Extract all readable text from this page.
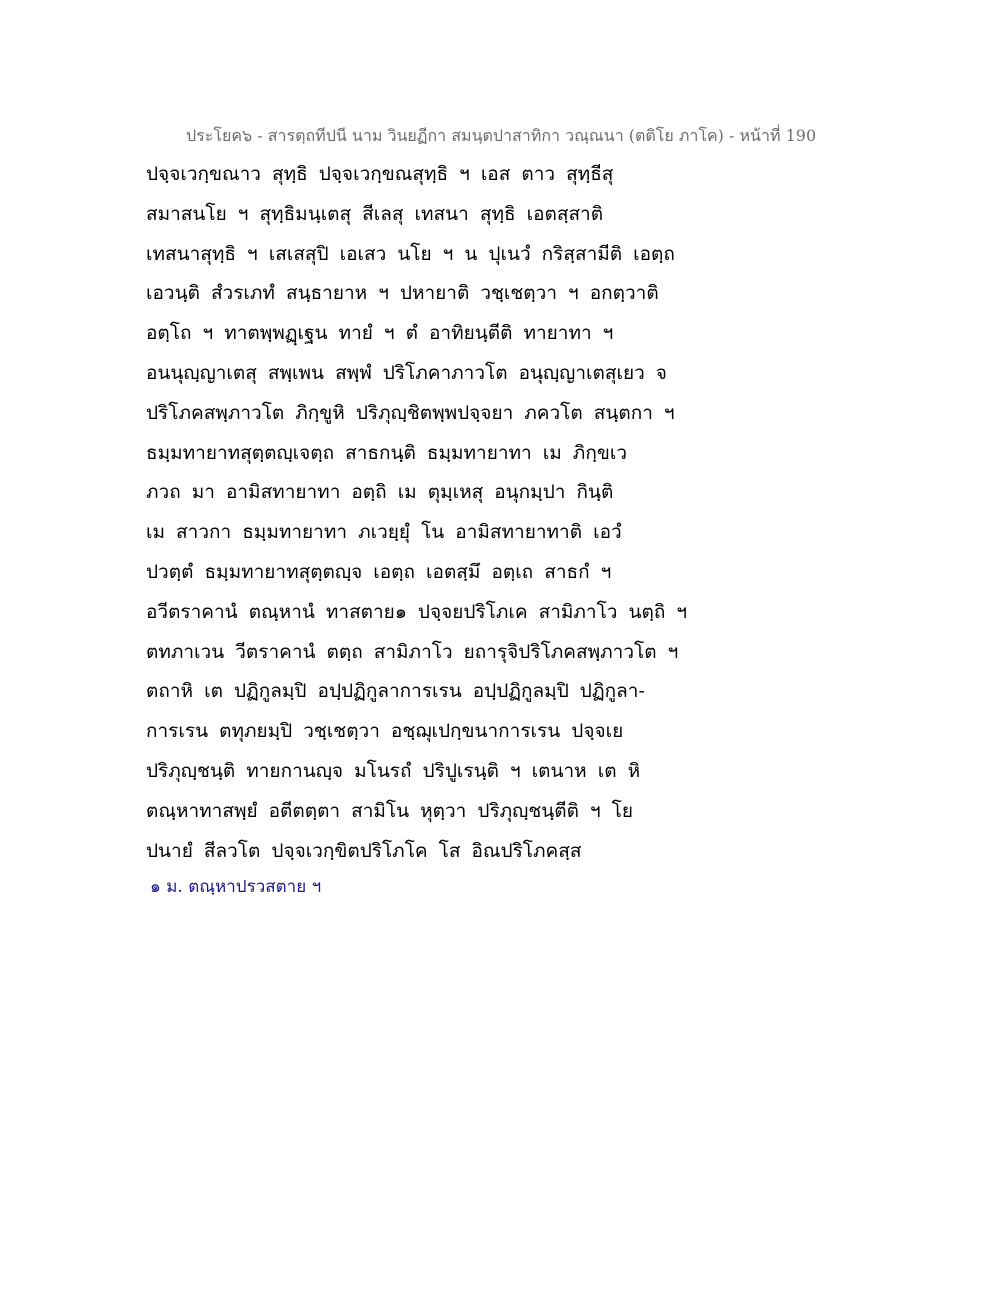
ประโยค๖ - สารตฺถทีปนี นาม วินยฏีกา สมนฺตปาสาทิกา วณฺณนา (ตติโย ภาโค) - หน้าที่ 190
ปจฺจเวกฺขณาว สุทฺธิ ปจฺจเวกฺขณสุทฺธิ ฯ เอส ตาว สุทฺธีสุ
สมาสนโย ฯ สุทฺธิมนฺเตสุ สีเลสุ เทสนา สุทฺธิ เอตสฺสาติ
เทสนาสุทฺธิ ฯ เสเสสุปิ เอเสว นโย ฯ น ปุเนวํ กริสฺสามีติ เอตฺถ
เอวนฺติ สํวรเภทํ สนฺธายาห ฯ ปหายาติ วชฺเชตฺวา ฯ อกตฺวาติ
อตฺโถ ฯ ทาตพฺพฏฺเฐน ทายํ ฯ ตํ อาทิยนฺตีติ ทายาทา ฯ
อนนุญฺญาเตสุ สพฺเพน สพฺพํ ปริโภคาภาวโต อนุญฺญาเตสุเยว จ
ปริโภคสพฺภาวโต ภิกฺขูหิ ปริภุญฺชิตพฺพปจฺจยา ภควโต สนฺตกา ฯ
ธมฺมทายาทสุตฺตญฺเจตฺถ สาธกนฺติ ธมฺมทายาทา เม ภิกฺขเว
ภวถ มา อามิสทายาทา อตฺถิ เม ตุมฺเหสุ อนุกมฺปา กินฺติ
เม สาวกา ธมฺมทายาทา ภเวยฺยุํ โน อามิสทายาทาติ เอวํ
ปวตฺตํ ธมฺมทายาทสุตฺตญฺจ เอตฺถ เอตสฺมึ อตฺเถ สาธกํ ฯ
อวีตราคานํ ตณฺหานํ ทาสตาย๑ ปจฺจยปริโภเค สามิภาโว นตฺถิ ฯ
ตทภาเวน วีตราคานํ ตตฺถ สามิภาโว ยถารุจิปริโภคสพฺภาวโต ฯ
ตถาหิ เต ปฏิกูลมฺปิ อปฺปฏิกูลาการเรน อปฺปฏิกูลมฺปิ ปฏิกูลา-
การเรน ตทุภยมฺปิ วชฺเชตฺวา อชฺฌุเปกฺขนาการเรน ปจฺจเย
ปริภุญฺชนฺติ ทายกานญฺจ มโนรถํ ปริปูเรนฺติ ฯ เตนาห เต หิ
ตณฺหาทาสพฺยํ อตีตตฺตา สามิโน หุตฺวา ปริภุญฺชนฺตีติ ฯ โย
ปนายํ สีลวโต ปจฺจเวกฺขิตปริโภโค โส อิณปริโภคสฺส
๑ ม. ตณฺหาปรวสตาย ฯ
